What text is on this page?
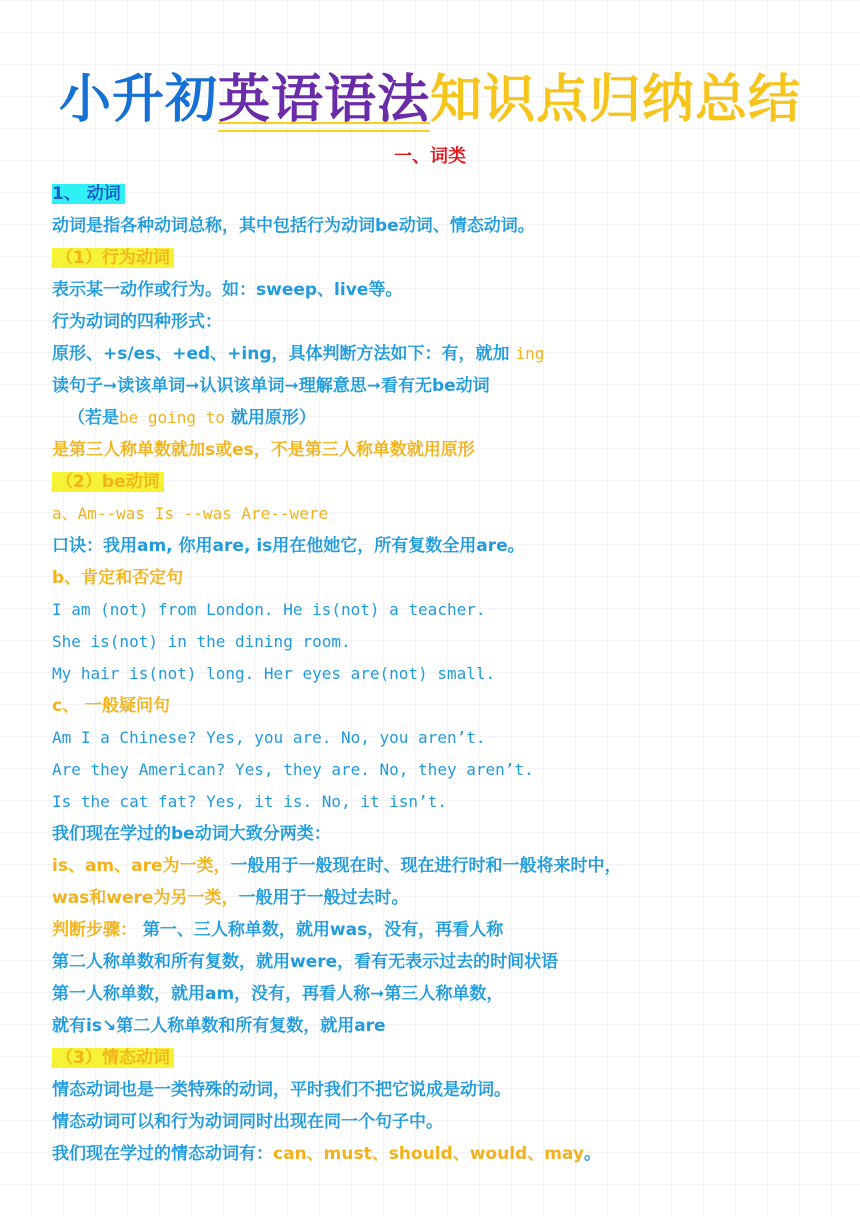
小升初英语语法知识点归纳总结
一、词类
1、 动词
动词是指各种动词总称，其中包括行为动词be动词、情态动词。
（1）行为动词
表示某一动作或行为。如：sweep、live等。
行为动词的四种形式：
原形、+s/es、+ed、+ing，具体判断方法如下：有，就加 ing
读句子➞读该单词➞认识该单词➞理解意思➞看有无be动词
（若是be going to 就用原形）
是第三人称单数就加s或es，不是第三人称单数就用原形
（2）be动词
a、Am--was Is --was Are--were
口诀：我用am, 你用are, is用在他她它，所有复数全用are。
b、肯定和否定句
I am (not) from London. He is(not) a teacher.
She is(not) in the dining room.
My hair is(not) long. Her eyes are(not) small.
c、 一般疑问句
Am I a Chinese? Yes, you are. No, you aren’t.
Are they American? Yes, they are. No, they aren’t.
Is the cat fat? Yes, it is. No, it isn’t.
我们现在学过的be动词大致分两类：
is、am、are为一类，一般用于一般现在时、现在进行时和一般将来时中，
was和were为另一类，一般用于一般过去时。
判断步骤： 第一、三人称单数，就用was，没有，再看人称
第二人称单数和所有复数，就用were，看有无表示过去的时间状语
第一人称单数，就用am，没有，再看人称➞第三人称单数，
就有is↘第二人称单数和所有复数，就用are
（3）情态动词
情态动词也是一类特殊的动词，平时我们不把它说成是动词。
情态动词可以和行为动词同时出现在同一个句子中。
我们现在学过的情态动词有：can、must、should、would、may。
